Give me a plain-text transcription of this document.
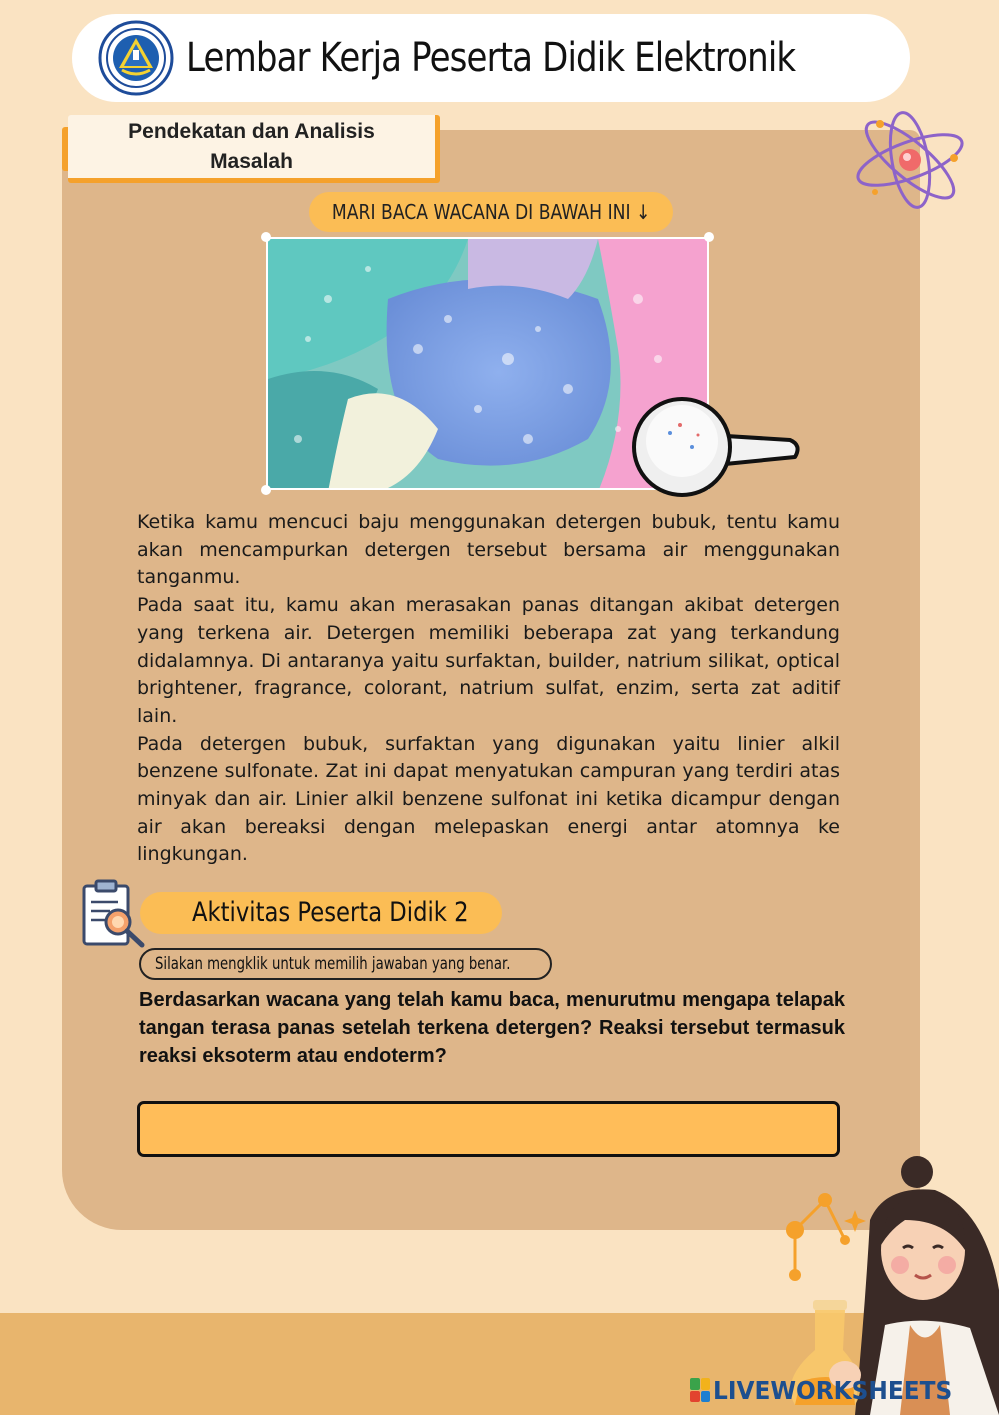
Lembar Kerja Peserta Didik Elektronik
Pendekatan dan Analisis Masalah
MARI BACA WACANA DI BAWAH INI ↓

Ketika kamu mencuci baju menggunakan detergen bubuk, tentu kamu akan mencampurkan detergen tersebut bersama air menggunakan tanganmu.

Pada saat itu, kamu akan merasakan panas ditangan akibat detergen yang terkena air. Detergen memiliki beberapa zat yang terkandung didalamnya. Di antaranya yaitu surfaktan, builder, natrium silikat, optical brightener, fragrance, colorant, natrium sulfat, enzim, serta zat aditif lain.

Pada detergen bubuk, surfaktan yang digunakan yaitu linier alkil benzene sulfonate. Zat ini dapat menyatukan campuran yang terdiri atas minyak dan air. Linier alkil benzene sulfonat ini ketika dicampur dengan air akan bereaksi dengan melepaskan energi antar atomnya ke lingkungan.

Aktivitas Peserta Didik 2
Silakan mengklik untuk memilih jawaban yang benar.
Berdasarkan wacana yang telah kamu baca, menurutmu mengapa telapak tangan terasa panas setelah terkena detergen? Reaksi tersebut termasuk reaksi eksoterm atau endoterm?
LIVEWORKSHEETS
